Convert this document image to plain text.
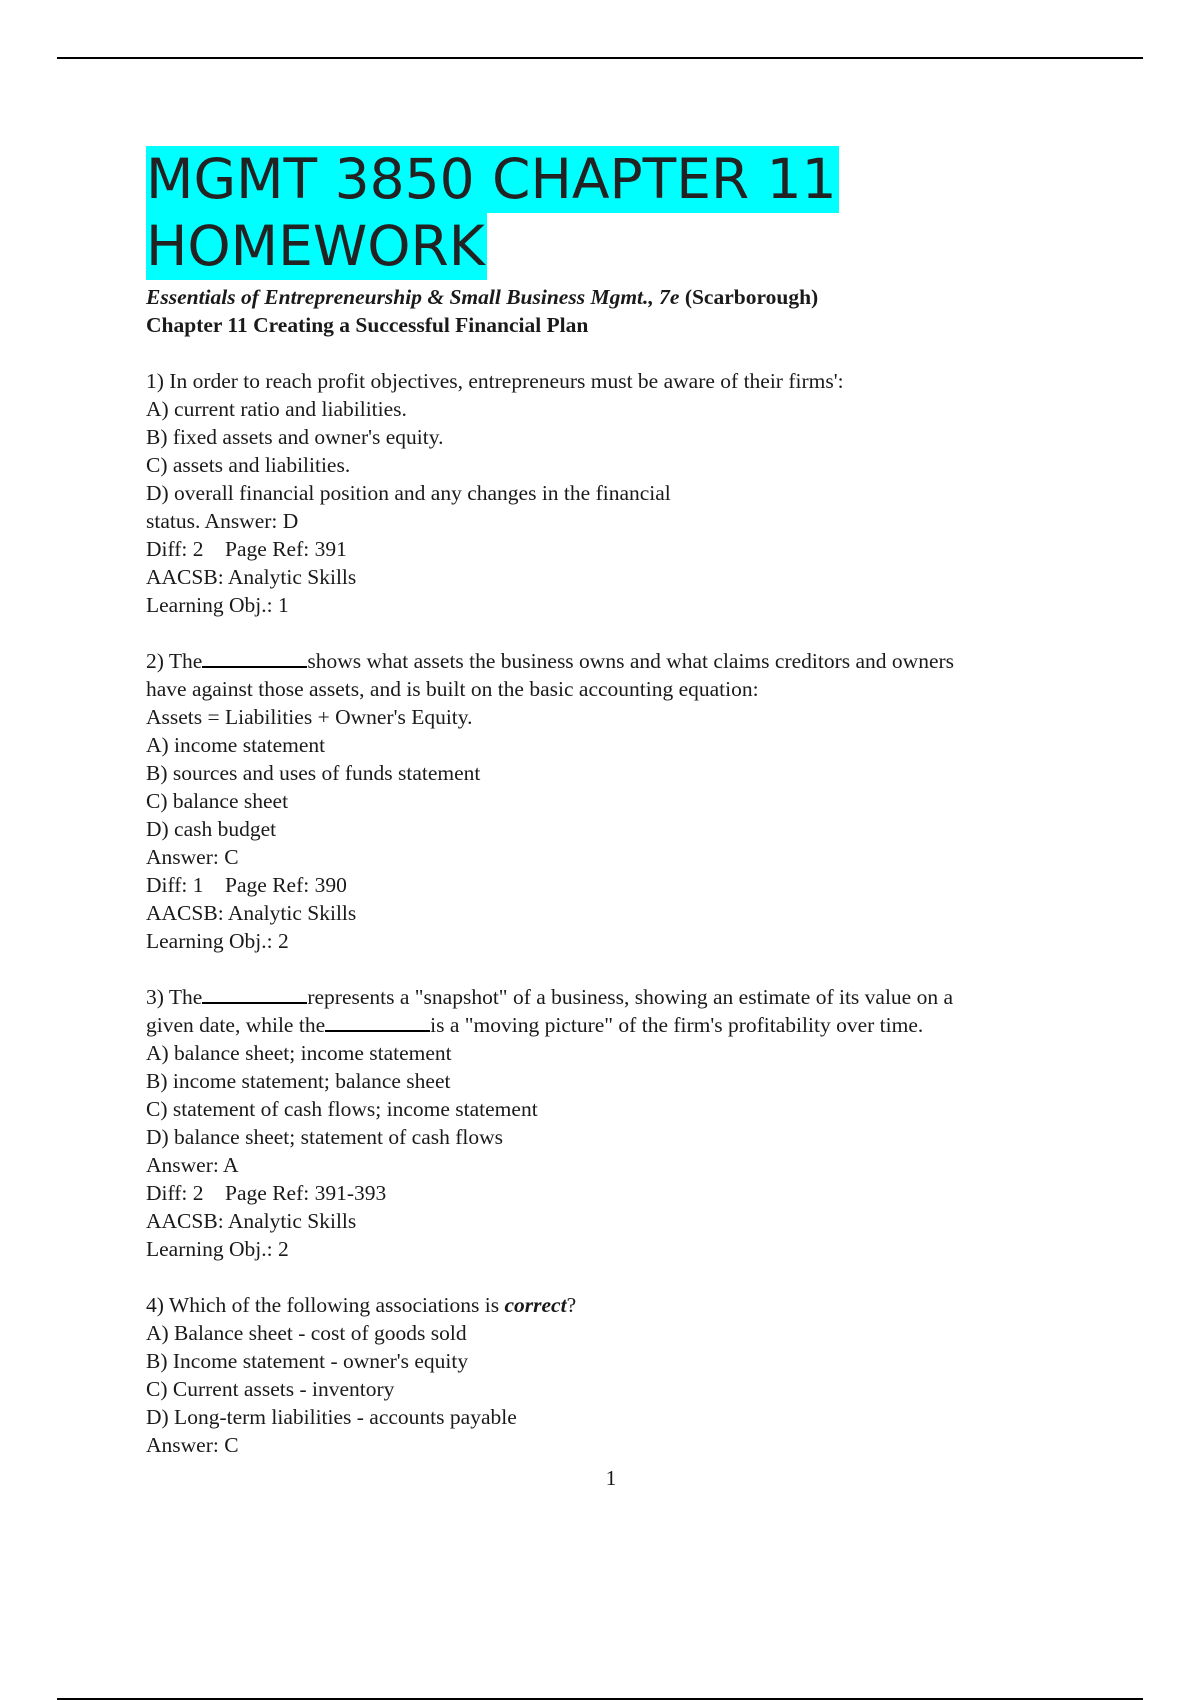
MGMT 3850 CHAPTER 11
HOMEWORK
Essentials of Entrepreneurship & Small Business Mgmt., 7e (Scarborough)
Chapter 11 Creating a Successful Financial Plan
1) In order to reach profit objectives, entrepreneurs must be aware of their firms':
A) current ratio and liabilities.
B) fixed assets and owner's equity.
C) assets and liabilities.
D) overall financial position and any changes in the financial
status. Answer: D
Diff: 2    Page Ref: 391
AACSB: Analytic Skills
Learning Obj.: 1
2) The	shows what assets the business owns and what claims creditors and owners
have against those assets, and is built on the basic accounting equation:
Assets = Liabilities + Owner's Equity.
A) income statement
B) sources and uses of funds statement
C) balance sheet
D) cash budget
Answer: C
Diff: 1    Page Ref: 390
AACSB: Analytic Skills
Learning Obj.: 2
3) The	represents a "snapshot" of a business, showing an estimate of its value on a
given date, while the	is a "moving picture" of the firm's profitability over time.
A) balance sheet; income statement
B) income statement; balance sheet
C) statement of cash flows; income statement
D) balance sheet; statement of cash flows
Answer: A
Diff: 2    Page Ref: 391-393
AACSB: Analytic Skills
Learning Obj.: 2
4) Which of the following associations is correct?
A) Balance sheet - cost of goods sold
B) Income statement - owner's equity
C) Current assets - inventory
D) Long-term liabilities - accounts payable
Answer: C
1
